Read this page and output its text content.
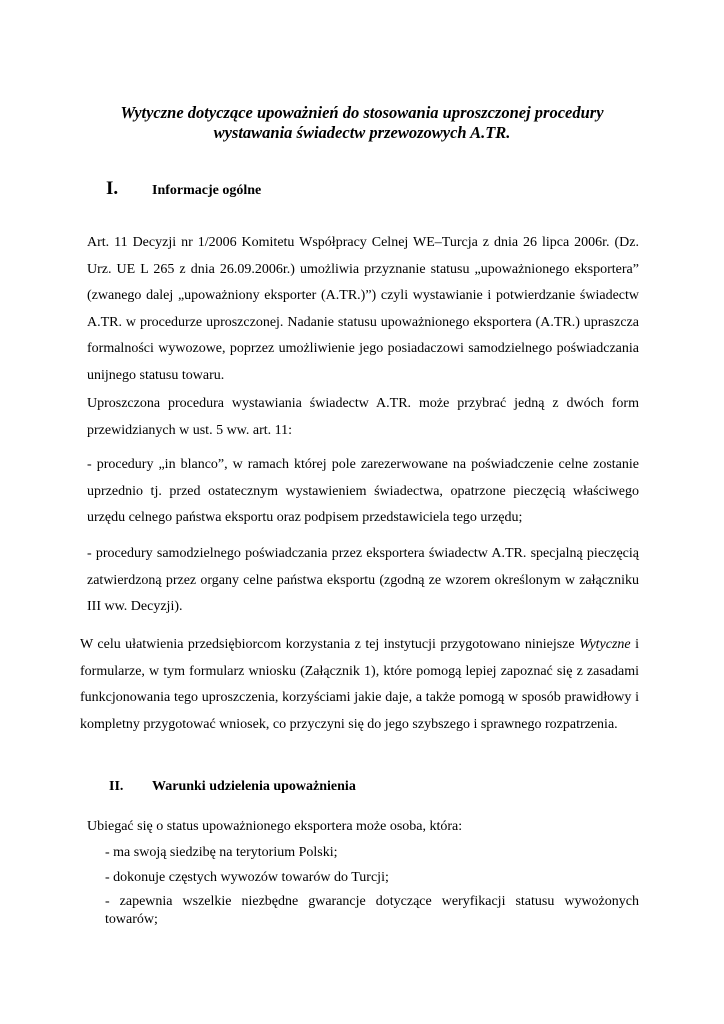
Wytyczne dotyczące upoważnień do stosowania uproszczonej procedury
wystawania świadectw przewozowych A.TR.
I. Informacje ogólne

Art. 11 Decyzji nr 1/2006 Komitetu Współpracy Celnej WE–Turcja z dnia 26 lipca 2006r. (Dz. Urz. UE L 265 z dnia 26.09.2006r.) umożliwia przyznanie statusu „upoważnionego eksportera” (zwanego dalej „upoważniony eksporter (A.TR.)”) czyli wystawianie i potwierdzanie świadectw A.TR. w procedurze uproszczonej. Nadanie statusu upoważnionego eksportera (A.TR.) upraszcza formalności wywozowe, poprzez umożliwienie jego posiadaczowi samodzielnego poświadczania unijnego statusu towaru.

Uproszczona procedura wystawiania świadectw A.TR. może przybrać jedną z dwóch form przewidzianych w ust. 5 ww. art. 11:

- procedury „in blanco”, w ramach której pole zarezerwowane na poświadczenie celne zostanie uprzednio tj. przed ostatecznym wystawieniem świadectwa, opatrzone pieczęcią właściwego urzędu celnego państwa eksportu oraz podpisem przedstawiciela tego urzędu;

- procedury samodzielnego poświadczania przez eksportera świadectw A.TR. specjalną pieczęcią zatwierdzoną przez organy celne państwa eksportu (zgodną ze wzorem określonym w załączniku III ww. Decyzji).

W celu ułatwienia przedsiębiorcom korzystania z tej instytucji przygotowano niniejsze Wytyczne i formularze, w tym formularz wniosku (Załącznik 1), które pomogą lepiej zapoznać się z zasadami funkcjonowania tego uproszczenia, korzyściami jakie daje, a także pomogą w sposób prawidłowy i kompletny przygotować wniosek, co przyczyni się do jego szybszego i sprawnego rozpatrzenia.

II. Warunki udzielenia upoważnienia

Ubiegać się o status upoważnionego eksportera może osoba, która:

- ma swoją siedzibę na terytorium Polski;

- dokonuje częstych wywozów towarów do Turcji;

- zapewnia wszelkie niezbędne gwarancje dotyczące weryfikacji statusu wywożonych towarów;
